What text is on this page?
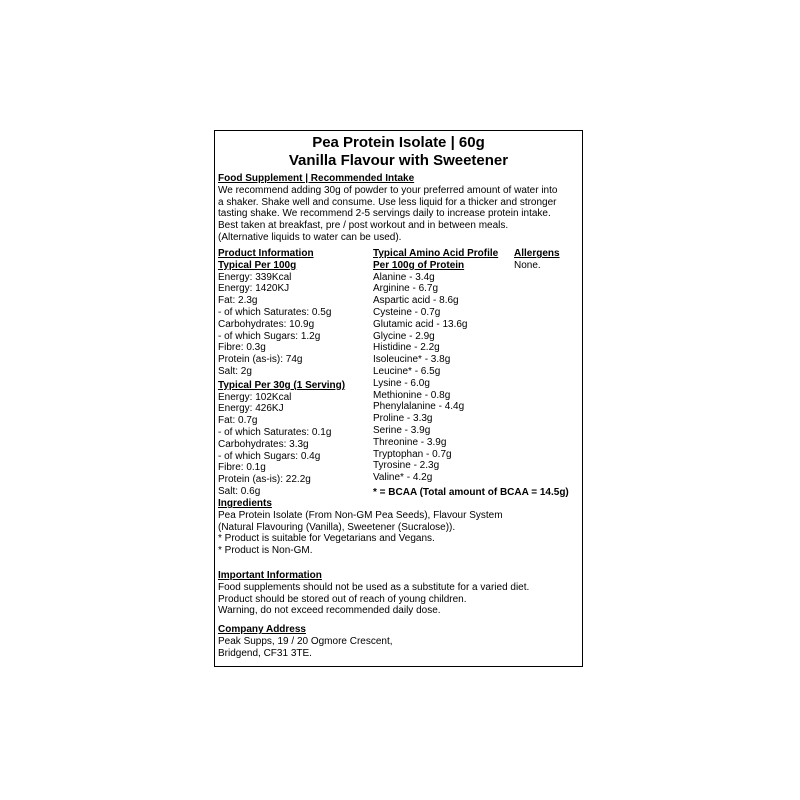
Pea Protein Isolate | 60g
Vanilla Flavour with Sweetener
Food Supplement | Recommended Intake
We recommend adding 30g of powder to your preferred amount of water into
a shaker. Shake well and consume. Use less liquid for a thicker and stronger
tasting shake. We recommend 2-5 servings daily to increase protein intake.
Best taken at breakfast, pre / post workout and in between meals.
(Alternative liquids to water can be used).
Product Information
Typical Per 100g
Energy: 339Kcal
Energy: 1420KJ
Fat: 2.3g
- of which Saturates: 0.5g
Carbohydrates: 10.9g
- of which Sugars: 1.2g
Fibre: 0.3g
Protein (as-is): 74g
Salt: 2g
Typical Per 30g (1 Serving)
Energy: 102Kcal
Energy: 426KJ
Fat: 0.7g
- of which Saturates: 0.1g
Carbohydrates: 3.3g
- of which Sugars: 0.4g
Fibre: 0.1g
Protein (as-is): 22.2g
Salt: 0.6g
Typical Amino Acid Profile
Per 100g of Protein
Alanine - 3.4g
Arginine - 6.7g
Aspartic acid - 8.6g
Cysteine - 0.7g
Glutamic acid - 13.6g
Glycine - 2.9g
Histidine - 2.2g
Isoleucine* - 3.8g
Leucine* - 6.5g
Lysine - 6.0g
Methionine - 0.8g
Phenylalanine - 4.4g
Proline - 3.3g
Serine - 3.9g
Threonine - 3.9g
Tryptophan - 0.7g
Tyrosine - 2.3g
Valine* - 4.2g
* = BCAA (Total amount of BCAA = 14.5g)
Allergens
None.
Ingredients
Pea Protein Isolate (From Non-GM Pea Seeds), Flavour System
(Natural Flavouring (Vanilla), Sweetener (Sucralose)).
* Product is suitable for Vegetarians and Vegans.
* Product is Non-GM.
Important Information
Food supplements should not be used as a substitute for a varied diet.
Product should be stored out of reach of young children.
Warning, do not exceed recommended daily dose.
Company Address
Peak Supps, 19 / 20 Ogmore Crescent,
Bridgend, CF31 3TE.
